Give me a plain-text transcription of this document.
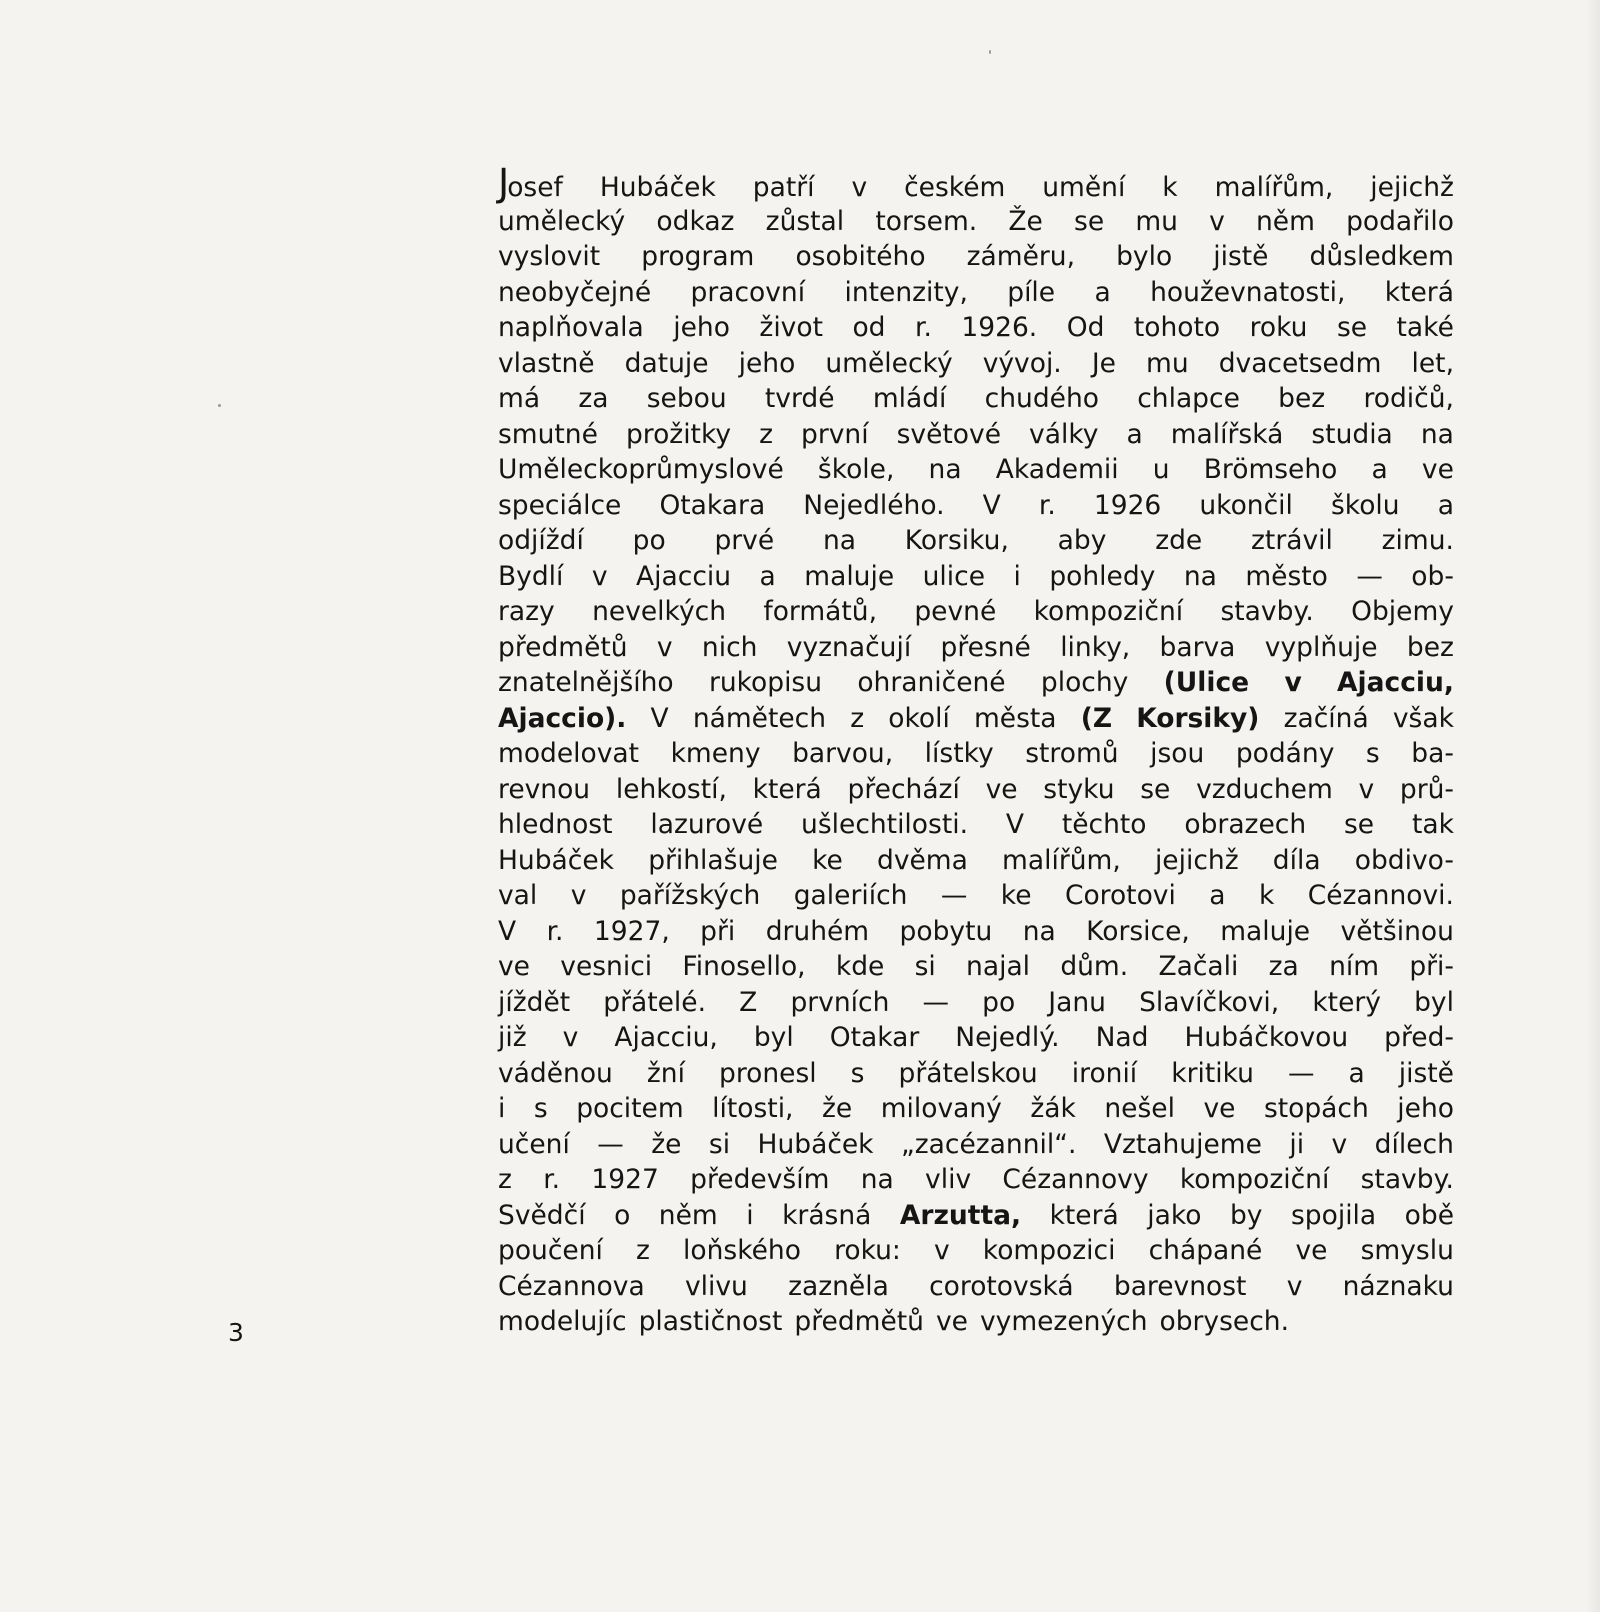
Josef Hubáček patří v českém umění k malířům, jejichž
umělecký odkaz zůstal torsem. Že se mu v něm podařilo
vyslovit program osobitého záměru, bylo jistě důsledkem
neobyčejné pracovní intenzity, píle a houževnatosti, která
naplňovala jeho život od r. 1926. Od tohoto roku se také
vlastně datuje jeho umělecký vývoj. Je mu dvacetsedm let,
má za sebou tvrdé mládí chudého chlapce bez rodičů,
smutné prožitky z první světové války a malířská studia na
Uměleckoprůmyslové škole, na Akademii u Brömseho a ve
speciálce Otakara Nejedlého. V r. 1926 ukončil školu a
odjíždí po prvé na Korsiku, aby zde ztrávil zimu.
Bydlí v Ajacciu a maluje ulice i pohledy na město — ob-
razy nevelkých formátů, pevné kompoziční stavby. Objemy
předmětů v nich vyznačují přesné linky, barva vyplňuje bez
znatelnějšího rukopisu ohraničené plochy (Ulice v Ajacciu,
Ajaccio). V námětech z okolí města (Z Korsiky) začíná však
modelovat kmeny barvou, lístky stromů jsou podány s ba-
revnou lehkostí, která přechází ve styku se vzduchem v prů-
hlednost lazurové ušlechtilosti. V těchto obrazech se tak
Hubáček přihlašuje ke dvěma malířům, jejichž díla obdivo-
val v pařížských galeriích — ke Corotovi a k Cézannovi.
V r. 1927, při druhém pobytu na Korsice, maluje většinou
ve vesnici Finosello, kde si najal dům. Začali za ním při-
jíždět přátelé. Z prvních — po Janu Slavíčkovi, který byl
již v Ajacciu, byl Otakar Nejedlý. Nad Hubáčkovou před-
váděnou žní pronesl s přátelskou ironií kritiku — a jistě
i s pocitem lítosti, že milovaný žák nešel ve stopách jeho
učení — že si Hubáček „zacézannil“. Vztahujeme ji v dílech
z r. 1927 především na vliv Cézannovy kompoziční stavby.
Svědčí o něm i krásná Arzutta, která jako by spojila obě
poučení z loňského roku: v kompozici chápané ve smyslu
Cézannova vlivu zazněla corotovská barevnost v náznaku
modelujíc plastičnost předmětů ve vymezených obrysech.
3
